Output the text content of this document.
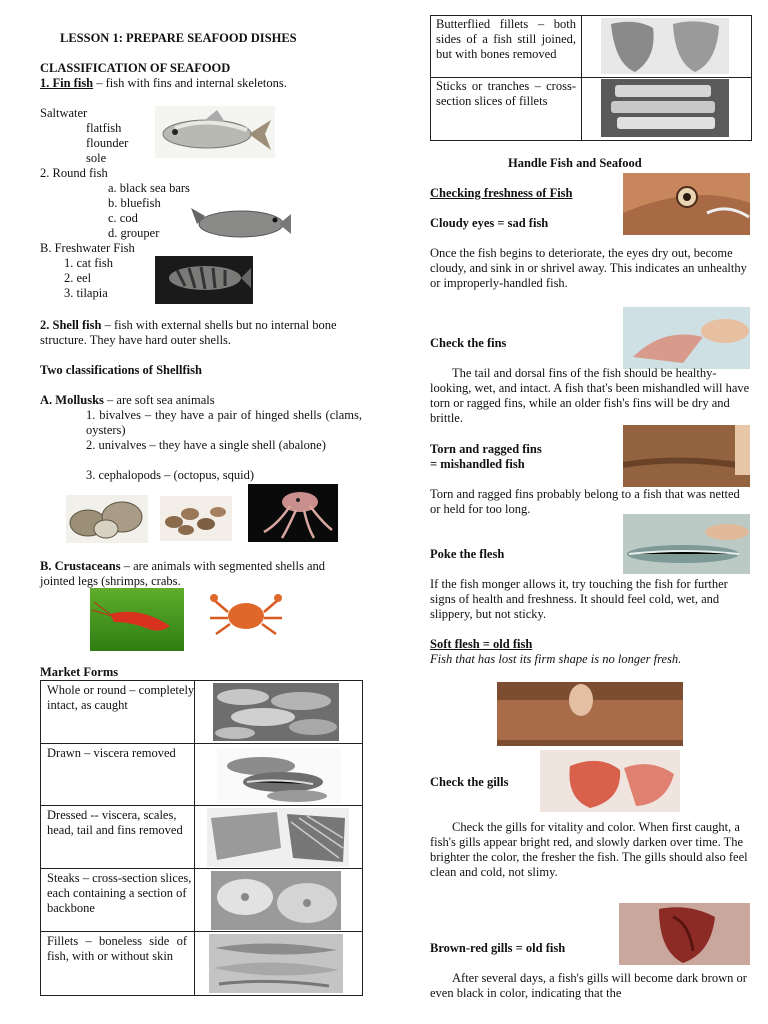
LESSON 1: PREPARE SEAFOOD DISHES
CLASSIFICATION OF SEAFOOD
1. Fin fish – fish with fins and internal skeletons.
Saltwater
flatfish
flounder
sole
2. Round fish
a. black sea bars
b. bluefish
c. cod
d. grouper
B. Freshwater Fish
1. cat fish
2. eel
3. tilapia
2. Shell fish – fish with external shells but no internal bone structure. They have hard outer shells.
Two classifications of Shellfish
A. Mollusks – are soft sea animals
1. bivalves – they have a pair of hinged shells (clams, oysters)
2. univalves – they have a single shell (abalone)
3. cephalopods – (octopus, squid)
B. Crustaceans – are animals with segmented shells and jointed legs (shrimps, crabs.
Market Forms
Whole or round – completely intact, as caught
Drawn – viscera removed
Dressed -- viscera, scales, head, tail and fins removed
Steaks – cross-section slices, each containing a section of backbone
Fillets – boneless side of fish, with or without skin
Butterflied fillets – both sides of a fish still joined, but with bones removed
Sticks or tranches – cross-section slices of fillets
Handle Fish and Seafood
Checking freshness of Fish
Cloudy eyes = sad fish
Once the fish begins to deteriorate, the eyes dry out, become cloudy, and sink in or shrivel away. This indicates an unhealthy or improperly-handled fish.
Check the fins
The tail and dorsal fins of the fish should be healthy-looking, wet, and intact. A fish that's been mishandled will have torn or ragged fins, while an older fish's fins will be dry and brittle.
Torn and ragged fins
= mishandled fish
Torn and ragged fins probably belong to a fish that was netted or held for too long.
Poke the flesh
If the fish monger allows it, try touching the fish for further signs of health and freshness. It should feel cold, wet, and slippery, but not sticky.
Soft flesh = old fish
Fish that has lost its firm shape is no longer fresh.
Check the gills
Check the gills for vitality and color. When first caught, a fish's gills appear bright red, and slowly darken over time. The brighter the color, the fresher the fish. The gills should also feel clean and cold, not slimy.
Brown-red gills = old fish
After several days, a fish's gills will become dark brown or even black in color, indicating that the
